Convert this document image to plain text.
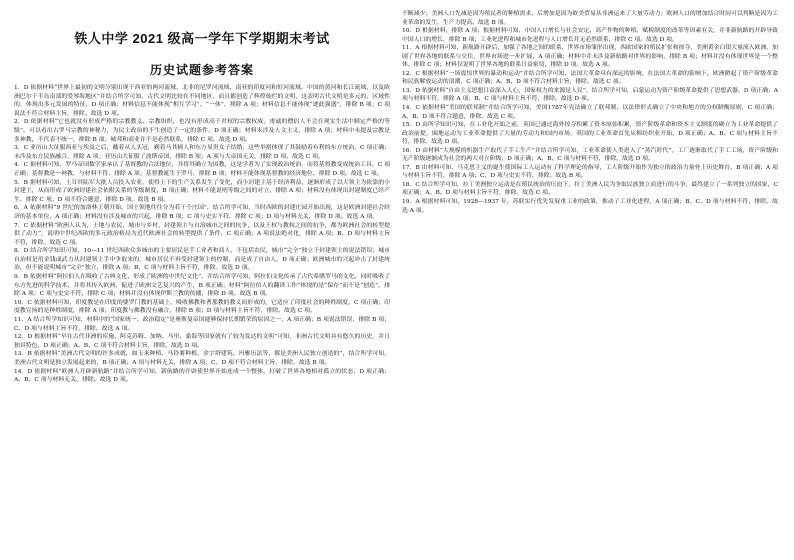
铁人中学 2021 级高一学年下学期期末考试
历史试题参考答案

1．D 依据材料“世界上最初的文明分别出现于西亚的两河流域、北非的尼罗河流域、南亚的印度河和恒河流域、中国的黄河和长江流域，以及欧洲巴尔干半岛南部的爱琴海地区”并结合所学可知，古代文明比较在不同地区，而且都创造了辉煌灿烂的文明，这表明古代文明是多元的、区域性的，体现出多元发展的特征，D 项正确；材料信息不能体现“相互学习”、“一体”，排除 A 项；材料信息不能体现“逐此强盛”，排除 B 项；C 项说法不符合材料主旨，排除。故选 D 项。

2．D 依据材料“它也就没有形成严格的宗教教义、宗教组织，也没有形成高于君权的宗教权威，虔诚的僧侣人不会在现实生活中制定严格的等级”，可以看出古罗马宗教的神秘力，为民主政治的不生创造了一定的条件，D 项正确；材料未涉及人文主义，排除 A 项；材料中未提及宗教是多神教，不代表不统一，排除 B 项；城邦和商业并不是必然联系，排除 C 项。故选 D 项。

3．C 亚历山大征服西亚与埃及之后，戴着从人头冠，剃着马其顿人和东方显贵女子结婚，这些举措体现了其鼓励着有利的东方统治，C 项正确；未涉及东方民族融合，排除 A 项；亚历山大征服了波斯帝国，排除 B 项；A 项与大帝国无关，排除 D 项。故选 C 项。

4．C 据材料可知，罗马帝国数学家承认了基督教的合法地位，并将其确立为国教，这是学者为了实现政治统治，而将基督教变成统治工具，C 项正确；基督教是一神教，与材料不符，排除 A 项；基督教诞生于罗马，排除 B 项；材料不能体现基督教的经济地位，排除 D 项。故选 C 项。

5．B 据材料可知，土耳其陆军大批人员投入农业，使得上下的生产关系发生了变化，而小封建主基于经济利益，逐渐形成了以大领主为依靠的小封建主，从而形成了欧洲封建社会依附关系的等级制度，B 项正确；材料不能说明等级之间的对立，排除 A 项；材料没有体现出封建制度已经产生，排除 C 项；D 项不符合题意，排除 D 项。故选 B 项。

6．A 依据材料“9 世纪的加洛林王朝开始，国王领地往往分为若干个庄园”，结合所学可知，当时西欧的封建庄园开始出现，这是欧洲封建社会经济的基本单位，A 项正确；材料没有涉及城市的兴起，排除 B 项；C 项与史实不符，排除 C 项；D 项与材料无关，排除 D 项。故选 A 项。

7．C 依据材料“欧洲人认为，土地与农民，城市与乡村，封建领主与自治城市之间的抗争，以及王权与教权之间的抗争，都为欧洲社会的转型提供了动力”，说明中世纪西欧的多元政治格局为近代欧洲社会的转型提供了条件，C 项正确；A 项说法绝对化，排除 A 项；B、D 项与材料主旨不符，排除。故选 C 项。

8．D 结合所学知识可知，10—11 世纪西欧众多城市的主要居民是手工业者和商人，不包括农民，城市“完全”独立于封建领主的说法错误；城市自治权是用金钱或武力从封建领主手中争取来的，城市居民不再受封建领主的控制，而是成了自由人，D 项正确；欧洲城市的兴起冲击了封建统治，但不能说明城市“完全”独立，排除 A 项；B、C 项与材料主旨不符，排除。故选 D 项。

9．B 依据材料“阿拉伯人在吸收了古典文化，形成了欧洲的中世纪文化”，并结合所学可知，阿拉伯文化传承了古代希腊罗马的文化，同时吸收了东方先进的科学技术，并将其传入欧洲，促进了欧洲文艺复兴的产生，B 项正确；材料“阿拉伯人的翻译工作”体现的是“保存”而不是“创造”，排除 A 项；C 项与史实不符，排除 C 项；材料并没有体现伊斯兰教的传播，排除 D 项。故选 B 项。

10．C 依据材料可知，印度教是在印度的婆罗门教的基础上，吸收佛教和耆那教的教义而形成的，它适应了印度社会的种姓制度，C 项正确；印度教宣扬的是种姓制度，排除 A 项；印度教与佛教没有融合，排除 B 项；D 项与材料主旨不符，排除。故选 C 项。

11．A 结合所学知识可知，材料中的“国家统一、政治稳定”是奥斯曼帝国能够保持长期繁荣的原因之一，A 项正确；B 项说法错误，排除 B 项；C、D 项与材料主旨不符，排除。故选 A 项。

12．D 根据材料“早在古代非洲的库施、阿克苏姆、加纳、马里、桑海等国家就有了较为发达的文明”可知，非洲古代文明具有悠久的历史，并且独具特色，D 项正确；A、B、C 项不符合材料主旨，排除。故选 D 项。

13．B 依据材料“美洲古代文明的许多成就，如玉米种植、马铃薯种植、金字塔建筑、玛雅历法等，都是美洲人民独立创造的”，结合所学可知，美洲古代文明是独立发展起来的，B 项正确；A 项与材料无关，排除 A 项；C、D 项不符合材料主旨，排除。故选 B 项。

14．D 依据材料“欧洲人开辟新航路”并结合所学可知，新航路的开辟使世界开始连成一个整体，打破了世界各地相对孤立的状态，D 项正确；A、B、C 项与材料无关，排除。故选 D 项。

不断减少；美洲人口先减是因为殖民者的种植需求，后增加是因为欧美贸易从非洲运来了大量劳动力；欧洲人口的增加结合时间可以判断是因为工业革命的发生，生产力提高。故选 B 项。

10．D 根据材料，排除 A 项；根据材料可知，中国人口增长与社会安定、高产作物的种植、赋税制度的改革等因素有关，并非新航路的开辟导致中国人口的增长，排除 B 项；工业化进程和城市化进程与人口增长并无必然联系，排除 C 项。故选 D 项。

11．A 根据材料可知，新航路开辟后，加强了各地之间的联系，世界市场雏形出现，西欧国家的殖民扩张和掠夺，美洲黄金白银大量流入欧洲，加剧了世界各地的联系与交往，世界市场进一步扩展，A 项正确；材料中并未涉及新航路对世界的影响，排除 B 项；材料并没有体现世界是一个整体，排除 C 项；材料仅说明了世界各地的联系日益密切，排除 D 项。故选 A 项。

12．C 根据材料“一场震惊世界的暴动和运动”并结合所学可知，法国大革命具有深远的影响，在法国大革命的影响下，欧洲掀起了资产阶级革命和民族解放运动的浪潮，C 项正确；A、B、D 项不符合材料主旨，排除。故选 C 项。

13．D 依据材料“自由主义思想日益深入人心，国家权力的来源是人民”，结合所学可知，启蒙运动为资产阶级革命提供了思想武器，D 项正确；A 项与材料不符，排除 A 项；B、C 项与材料主旨不符，排除。故选 D 项。

14．C 依据材料“美国的联邦制”并结合所学可知，美国1787年宪法确立了联邦制，以法律形式确立了中央和地方的分权制衡原则，C 项正确；A、B、D 项不符合题意，排除。故选 C 项。

15．D 由所学知识可知，在工业化开始之前，英国已通过海外掠夺积累了资本原始积累，资产阶级革命和资本主义制度的确立为工业革命提供了政治前提，圈地运动为工业革命提供了大量的劳动力和国内市场，英国的工业革命首先从棉纺织业开始，D 项正确；A、B、C 项与材料主旨不符，排除。故选 D 项。

16．D 由材料“大规模的机器生产取代了手工生产”并结合所学可知，工业革命使人类进入了“蒸汽时代”，工厂逐渐取代了手工工场，资产阶级和无产阶级逐渐成为社会的两大对立阶级，D 项正确；A、B、C 项与材料不符，排除。故选 D 项。

17．B 由材料可知，马克思主义的诞生使国际工人运动有了科学理论的指导，工人阶级开始作为独立的政治力量登上历史舞台，B 项正确；A 项与材料主旨不符，排除 A 项；C、D 项与史实不符，排除。故选 B 项。

18．C 结合所学可知，拉丁美洲独立运动是在殖民统治的压迫下，拉丁美洲人民为争取民族独立而进行的斗争，最终建立了一系列独立的国家，C 项正确；A、B、D 项与材料主旨不符，排除。故选 C 项。

19．A 根据材料可知，1928—1937 年，苏联实行优先发展重工业的政策，推动了工业化进程，A 项正确；B、C、D 项与材料不符，排除。故选 A 项。
